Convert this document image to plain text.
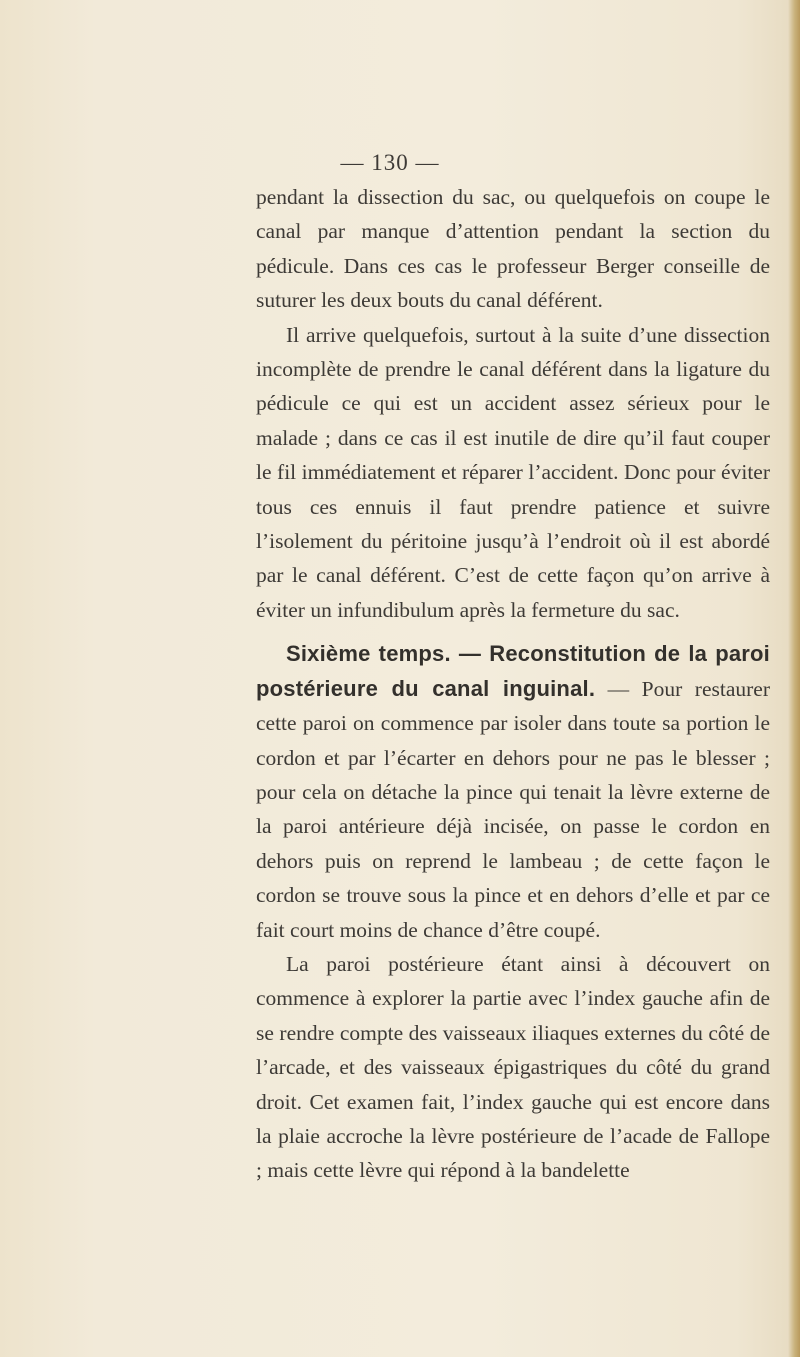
— 130 —

pendant la dissection du sac, ou quelquefois on coupe le canal par manque d’attention pendant la section du pédicule. Dans ces cas le professeur Berger conseille de suturer les deux bouts du canal déférent.

Il arrive quelquefois, surtout à la suite d’une dissection incomplète de prendre le canal déférent dans la ligature du pédicule ce qui est un accident assez sérieux pour le malade ; dans ce cas il est inutile de dire qu’il faut couper le fil immédiatement et réparer l’accident. Donc pour éviter tous ces ennuis il faut prendre patience et suivre l’isolement du péritoine jusqu’à l’endroit où il est abordé par le canal déférent. C’est de cette façon qu’on arrive à éviter un infundibulum après la fermeture du sac.

Sixième temps. — Reconstitution de la paroi postérieure du canal inguinal. — Pour restaurer cette paroi on commence par isoler dans toute sa portion le cordon et par l’écarter en dehors pour ne pas le blesser ; pour cela on détache la pince qui tenait la lèvre externe de la paroi antérieure déjà incisée, on passe le cordon en dehors puis on reprend le lambeau ; de cette façon le cordon se trouve sous la pince et en dehors d’elle et par ce fait court moins de chance d’être coupé.

La paroi postérieure étant ainsi à découvert on commence à explorer la partie avec l’index gauche afin de se rendre compte des vaisseaux iliaques externes du côté de l’arcade, et des vaisseaux épigastriques du côté du grand droit. Cet examen fait, l’index gauche qui est encore dans la plaie accroche la lèvre postérieure de l’acade de Fallope ; mais cette lèvre qui répond à la bandelette
